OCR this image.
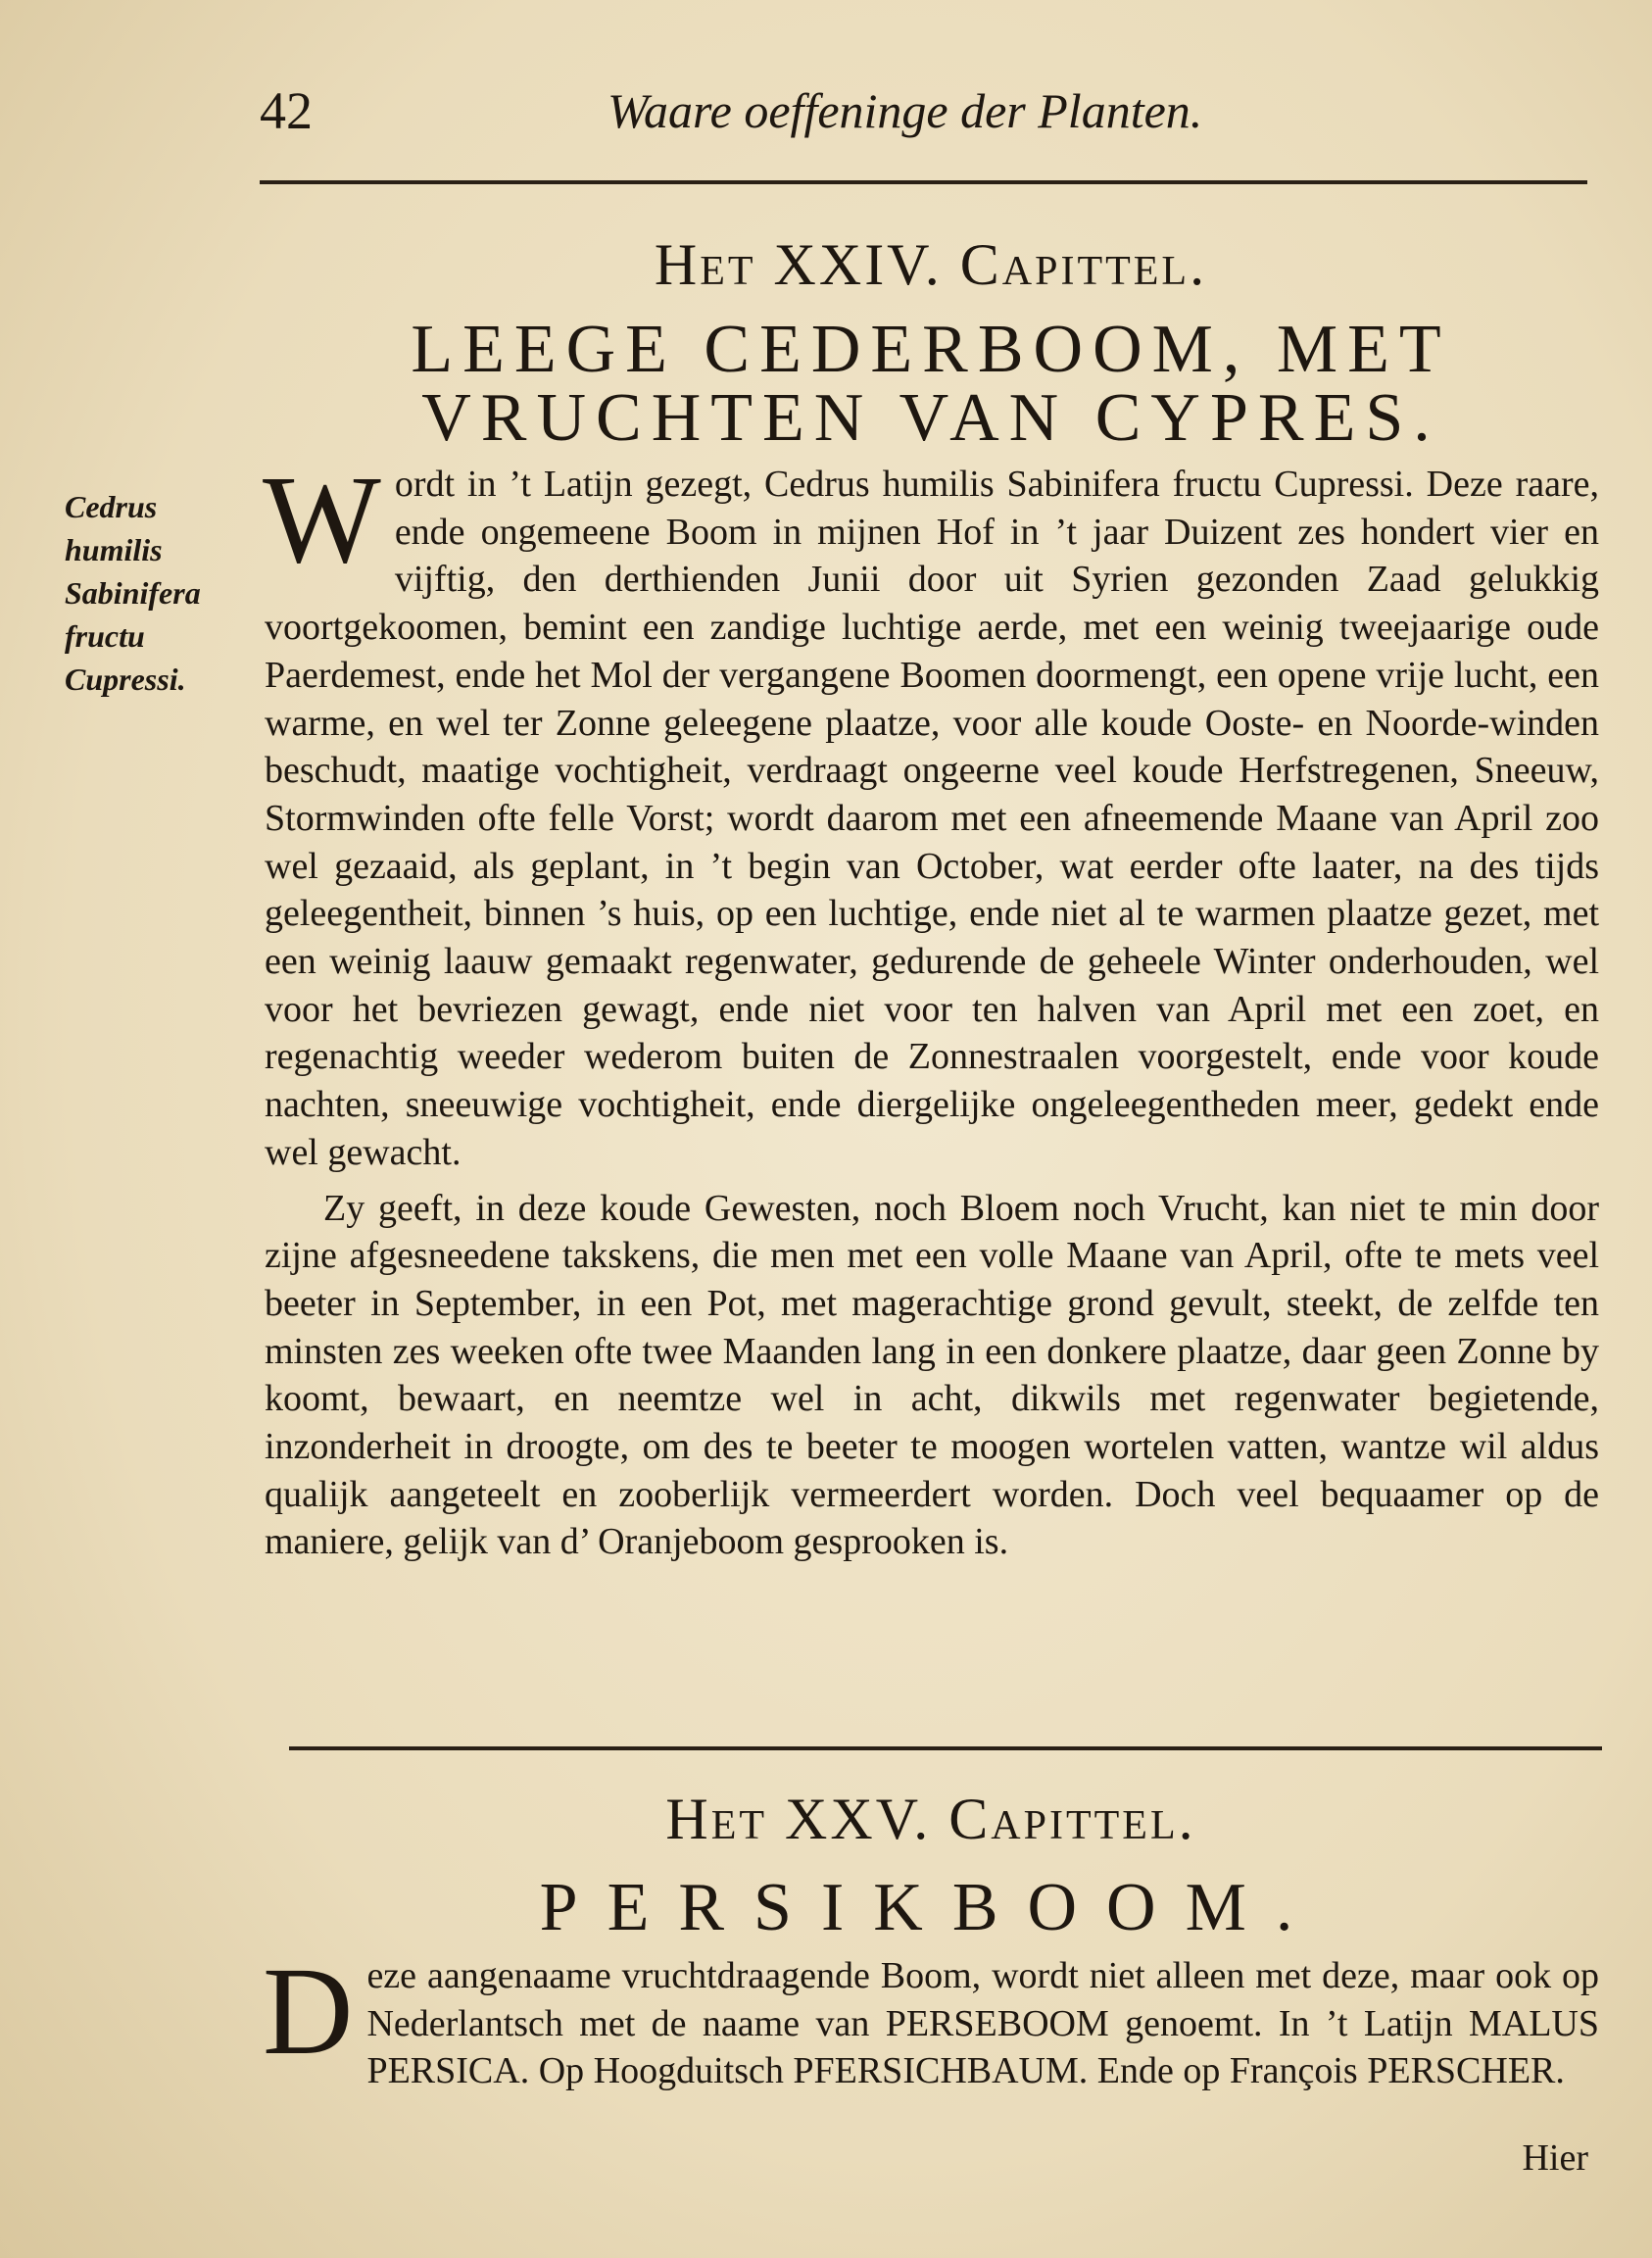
42	Waare oeffeninge der Planten.
Het XXIV. Capittel.
LEEGE CEDERBOOM, MET
VRUCHTEN VAN CYPRES.
Cedrus humilis Sabinifera fructu Cupressi.

Wordt in ’t Latijn gezegt, Cedrus humilis Sabinifera fructu Cupressi. Deze raare, ende ongemeene Boom in mijnen Hof in ’t jaar Duizent zes hondert vier en vijftig, den derthienden Junii door uit Syrien gezonden Zaad gelukkig voortgekoomen, bemint een zandige luchtige aerde, met een weinig tweejaarige oude Paerdemest, ende het Mol der vergangene Boomen doormengt, een opene vrije lucht, een warme, en wel ter Zonne geleegene plaatze, voor alle koude Ooste- en Noorde-winden beschudt, maatige vochtigheit, verdraagt ongeerne veel koude Herfstregenen, Sneeuw, Stormwinden ofte felle Vorst; wordt daarom met een afneemende Maane van April zoo wel gezaaid, als geplant, in ’t begin van October, wat eerder ofte laater, na des tijds geleegentheit, binnen ’s huis, op een luchtige, ende niet al te warmen plaatze gezet, met een weinig laauw gemaakt regenwater, gedurende de geheele Winter onderhouden, wel voor het bevriezen gewagt, ende niet voor ten halven van April met een zoet, en regenachtig weeder wederom buiten de Zonnestraalen voorgestelt, ende voor koude nachten, sneeuwige vochtigheit, ende diergelijke ongeleegentheden meer, gedekt ende wel gewacht.

Zy geeft, in deze koude Gewesten, noch Bloem noch Vrucht, kan niet te min door zijne afgesneedene takskens, die men met een volle Maane van April, ofte te mets veel beeter in September, in een Pot, met magerachtige grond gevult, steekt, de zelfde ten minsten zes weeken ofte twee Maanden lang in een donkere plaatze, daar geen Zonne by koomt, bewaart, en neemtze wel in acht, dikwils met regenwater begietende, inzonderheit in droogte, om des te beeter te moogen wortelen vatten, wantze wil aldus qualijk aangeteelt en zooberlijk vermeerdert worden. Doch veel bequaamer op de maniere, gelijk van d’ Oranjeboom gesprooken is.

Het XXV. Capittel.
PERSIKBOOM.

Deze aangenaame vruchtdraagende Boom, wordt niet alleen met deze, maar ook op Nederlantsch met de naame van PERSEBOOM genoemt. In ’t Latijn MALUS PERSICA. Op Hoogduitsch PFERSICHBAUM. Ende op François PERSCHER.

Hier
